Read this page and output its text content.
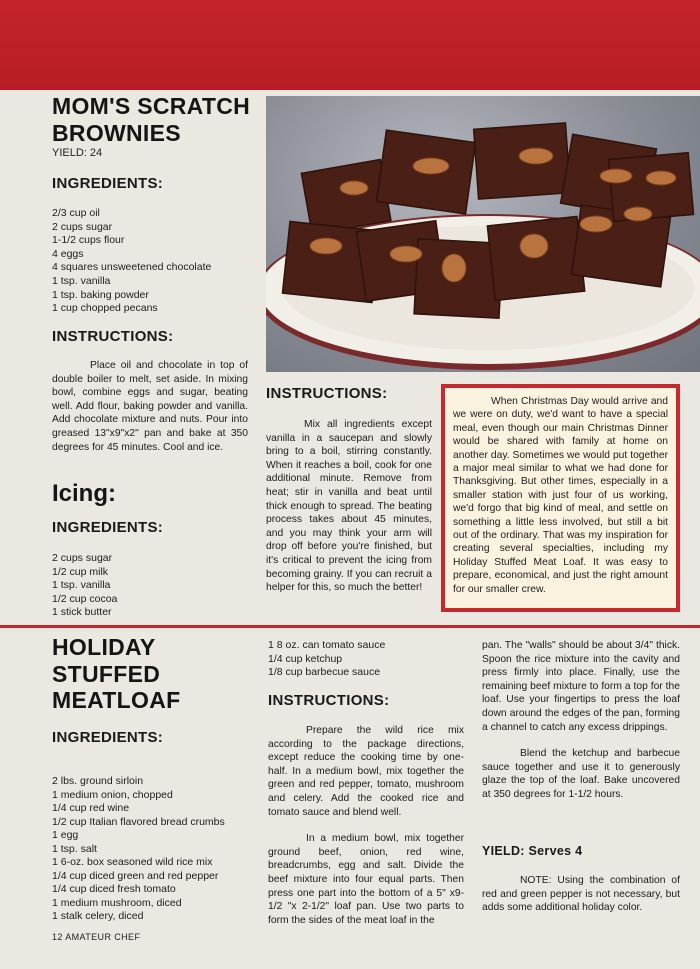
MOM'S SCRATCH
BROWNIES
YIELD: 24
INGREDIENTS:
2/3 cup oil
2 cups sugar
1-1/2 cups flour
4 eggs
4 squares unsweetened chocolate
1 tsp. vanilla
1 tsp. baking powder
1 cup chopped pecans
INSTRUCTIONS:

Place oil and chocolate in top of double boiler to melt, set aside. In mixing bowl, combine eggs and sugar, beating well. Add flour, baking powder and vanilla. Add chocolate mixture and nuts. Pour into greased 13"x9"x2" pan and bake at 350 degrees for 45 minutes. Cool and ice.

Icing:
INGREDIENTS:
2 cups sugar
1/2 cup milk
1 tsp. vanilla
1/2 cup cocoa
1 stick butter
INSTRUCTIONS:

Mix all ingredients except vanilla in a saucepan and slowly bring to a boil, stirring constantly. When it reaches a boil, cook for one additional minute. Remove from heat; stir in vanilla and beat until thick enough to spread. The beating process takes about 45 minutes, and you may think your arm will drop off before you're finished, but it's critical to prevent the icing from becoming grainy. If you can recruit a helper for this, so much the better!

When Christmas Day would arrive and we were on duty, we'd want to have a special meal, even though our main Christmas Dinner would be shared with family at home on another day. Sometimes we would put together a major meal similar to what we had done for Thanksgiving. But other times, especially in a smaller station with just four of us working, we'd forgo that big kind of meal, and settle on something a little less involved, but still a bit out of the ordinary. That was my inspiration for creating several specialties, including my Holiday Stuffed Meat Loaf. It was easy to prepare, economical, and just the right amount for our smaller crew.

HOLIDAY
STUFFED
MEATLOAF
INGREDIENTS:
2 lbs. ground sirloin
1 medium onion, chopped
1/4 cup red wine
1/2 cup Italian flavored bread crumbs
1 egg
1 tsp. salt
1 6-oz. box seasoned wild rice mix
1/4 cup diced green and red pepper
1/4 cup diced fresh tomato
1 medium mushroom, diced
1 stalk celery, diced
1 8 oz. can tomato sauce
1/4 cup ketchup
1/8 cup barbecue sauce
INSTRUCTIONS:

Prepare the wild rice mix according to the package directions, except reduce the cooking time by one-half. In a medium bowl, mix together the green and red pepper, tomato, mushroom and celery. Add the cooked rice and tomato sauce and blend well.

In a medium bowl, mix together ground beef, onion, red wine, breadcrumbs, egg and salt. Divide the beef mixture into four equal parts. Then press one part into the bottom of a 5" x9-1/2 "x 2-1/2" loaf pan. Use two parts to form the sides of the meat loaf in the

pan. The "walls" should be about 3/4" thick. Spoon the rice mixture into the cavity and press firmly into place. Finally, use the remaining beef mixture to form a top for the loaf. Use your fingertips to press the loaf down around the edges of the pan, forming a channel to catch any excess drippings.

Blend the ketchup and barbecue sauce together and use it to generously glaze the top of the loaf. Bake uncovered at 350 degrees for 1-1/2 hours.

YIELD: Serves 4

NOTE: Using the combination of red and green pepper is not necessary, but adds some additional holiday color.

12 AMATEUR CHEF
